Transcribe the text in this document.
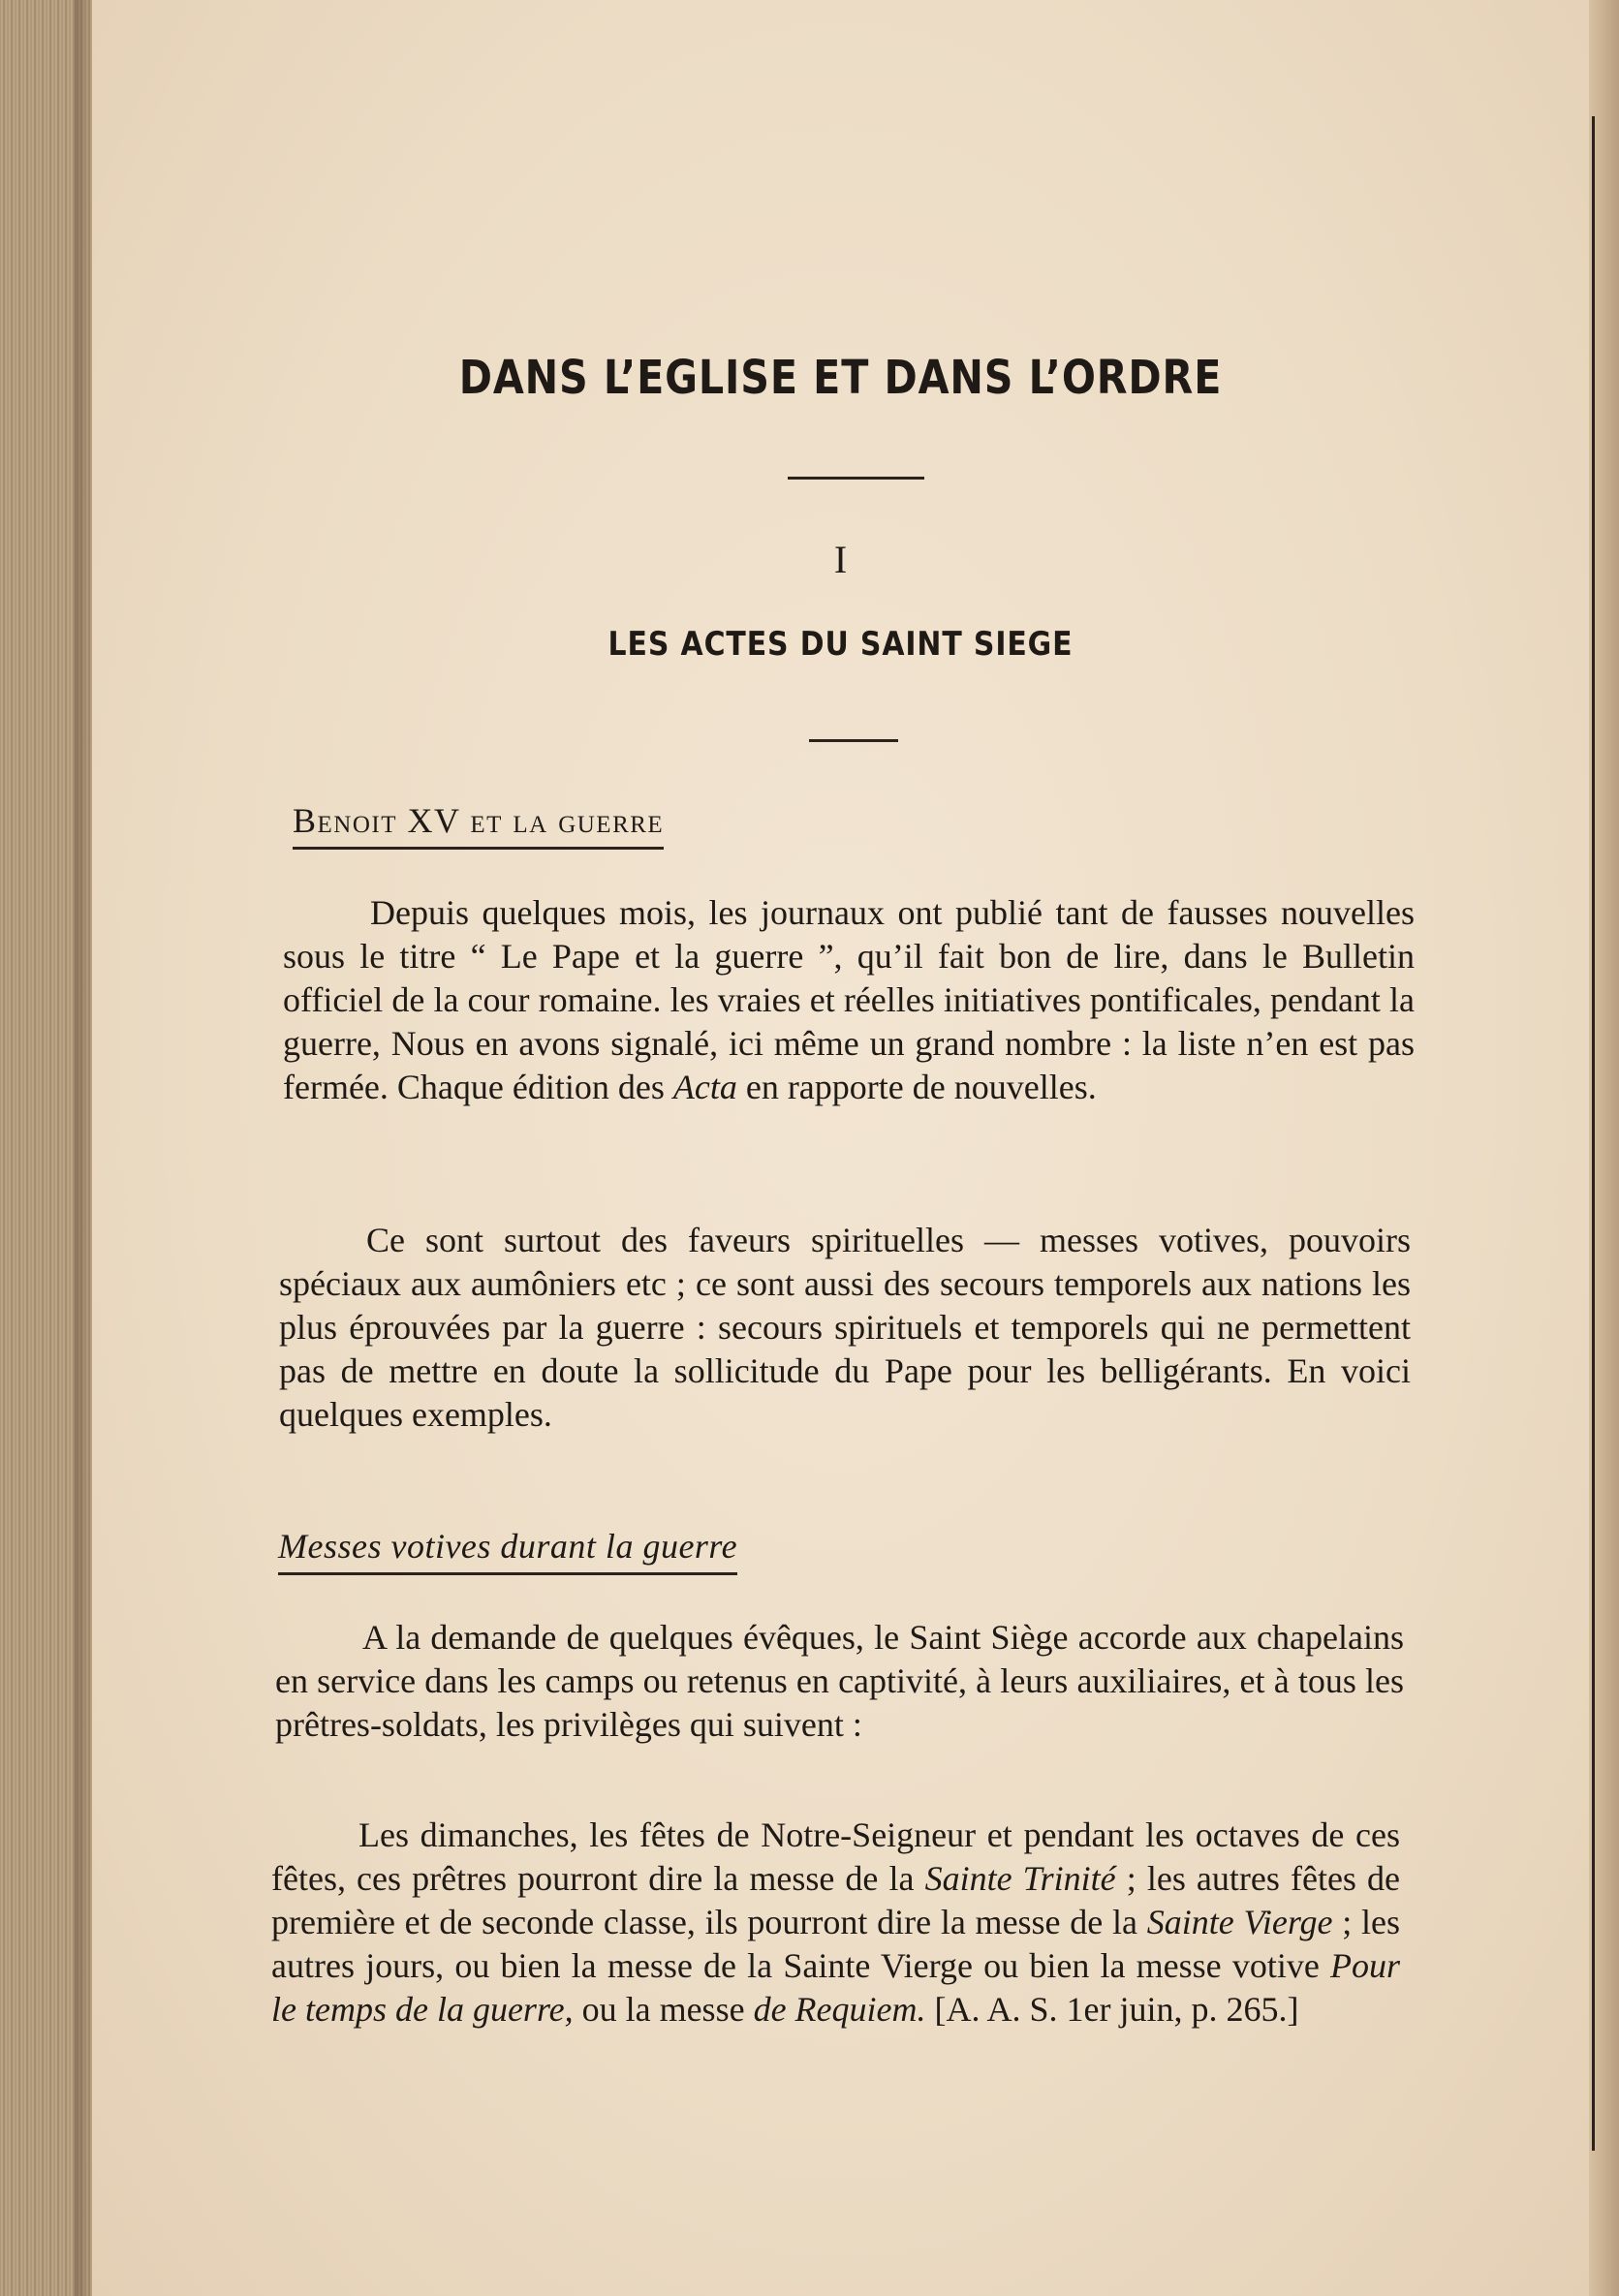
DANS L’EGLISE ET DANS L’ORDRE
I
LES ACTES DU SAINT SIEGE
Benoit XV et la guerre

Depuis quelques mois, les journaux ont publié tant de fausses nouvelles sous le titre “ Le Pape et la guerre ”, qu’il fait bon de lire, dans le Bulletin officiel de la cour romaine. les vraies et réelles initiatives pontificales, pendant la guerre, Nous en avons signalé, ici même un grand nombre : la liste n’en est pas fermée. Chaque édition des Acta en rapporte de nouvelles.

Ce sont surtout des faveurs spirituelles — messes votives, pouvoirs spéciaux aux aumôniers etc ; ce sont aussi des secours temporels aux nations les plus éprouvées par la guerre : secours spirituels et temporels qui ne permettent pas de mettre en doute la sollicitude du Pape pour les belligérants. En voici quelques exemples.

Messes votives durant la guerre

A la demande de quelques évêques, le Saint Siège accorde aux chapelains en service dans les camps ou retenus en captivité, à leurs auxiliaires, et à tous les prêtres-soldats, les privilèges qui suivent :

Les dimanches, les fêtes de Notre-Seigneur et pendant les octaves de ces fêtes, ces prêtres pourront dire la messe de la Sainte Trinité ; les autres fêtes de première et de seconde classe, ils pourront dire la messe de la Sainte Vierge ; les autres jours, ou bien la messe de la Sainte Vierge ou bien la messe votive Pour le temps de la guerre, ou la messe de Requiem. [A. A. S. 1er juin, p. 265.]
